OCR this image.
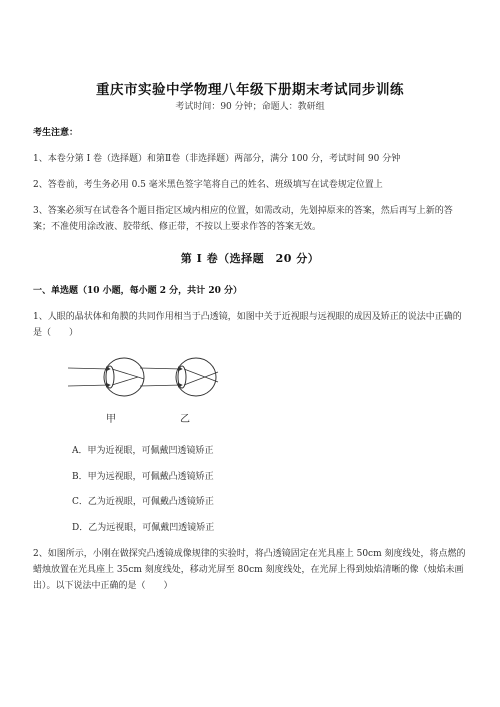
重庆市实验中学物理八年级下册期末考试同步训练
考试时间：90 分钟；命题人：教研组
考生注意：
1、本卷分第 I 卷（选择题）和第Ⅱ卷（非选择题）两部分，满分 100 分，考试时间 90 分钟
2、答卷前，考生务必用 0.5 毫米黑色签字笔将自己的姓名、班级填写在试卷规定位置上
3、答案必须写在试卷各个题目指定区域内相应的位置，如需改动，先划掉原来的答案，然后再写上新的答案；不准使用涂改液、胶带纸、修正带，不按以上要求作答的答案无效。
第 I 卷（选择题　20 分）
一、单选题（10 小题，每小题 2 分，共计 20 分）
1、人眼的晶状体和角膜的共同作用相当于凸透镜，如图中关于近视眼与远视眼的成因及矫正的说法中正确的是（　　）
甲	乙
A．甲为近视眼，可佩戴凹透镜矫正
B．甲为远视眼，可佩戴凸透镜矫正
C．乙为近视眼，可佩戴凸透镜矫正
D．乙为远视眼，可佩戴凹透镜矫正
2、如图所示，小刚在做探究凸透镜成像规律的实验时，将凸透镜固定在光具座上 50cm 刻度线处，将点燃的蜡烛放置在光具座上 35cm 刻度线处，移动光屏至 80cm 刻度线处，在光屏上得到烛焰清晰的像（烛焰未画出）。以下说法中正确的是（　　）
